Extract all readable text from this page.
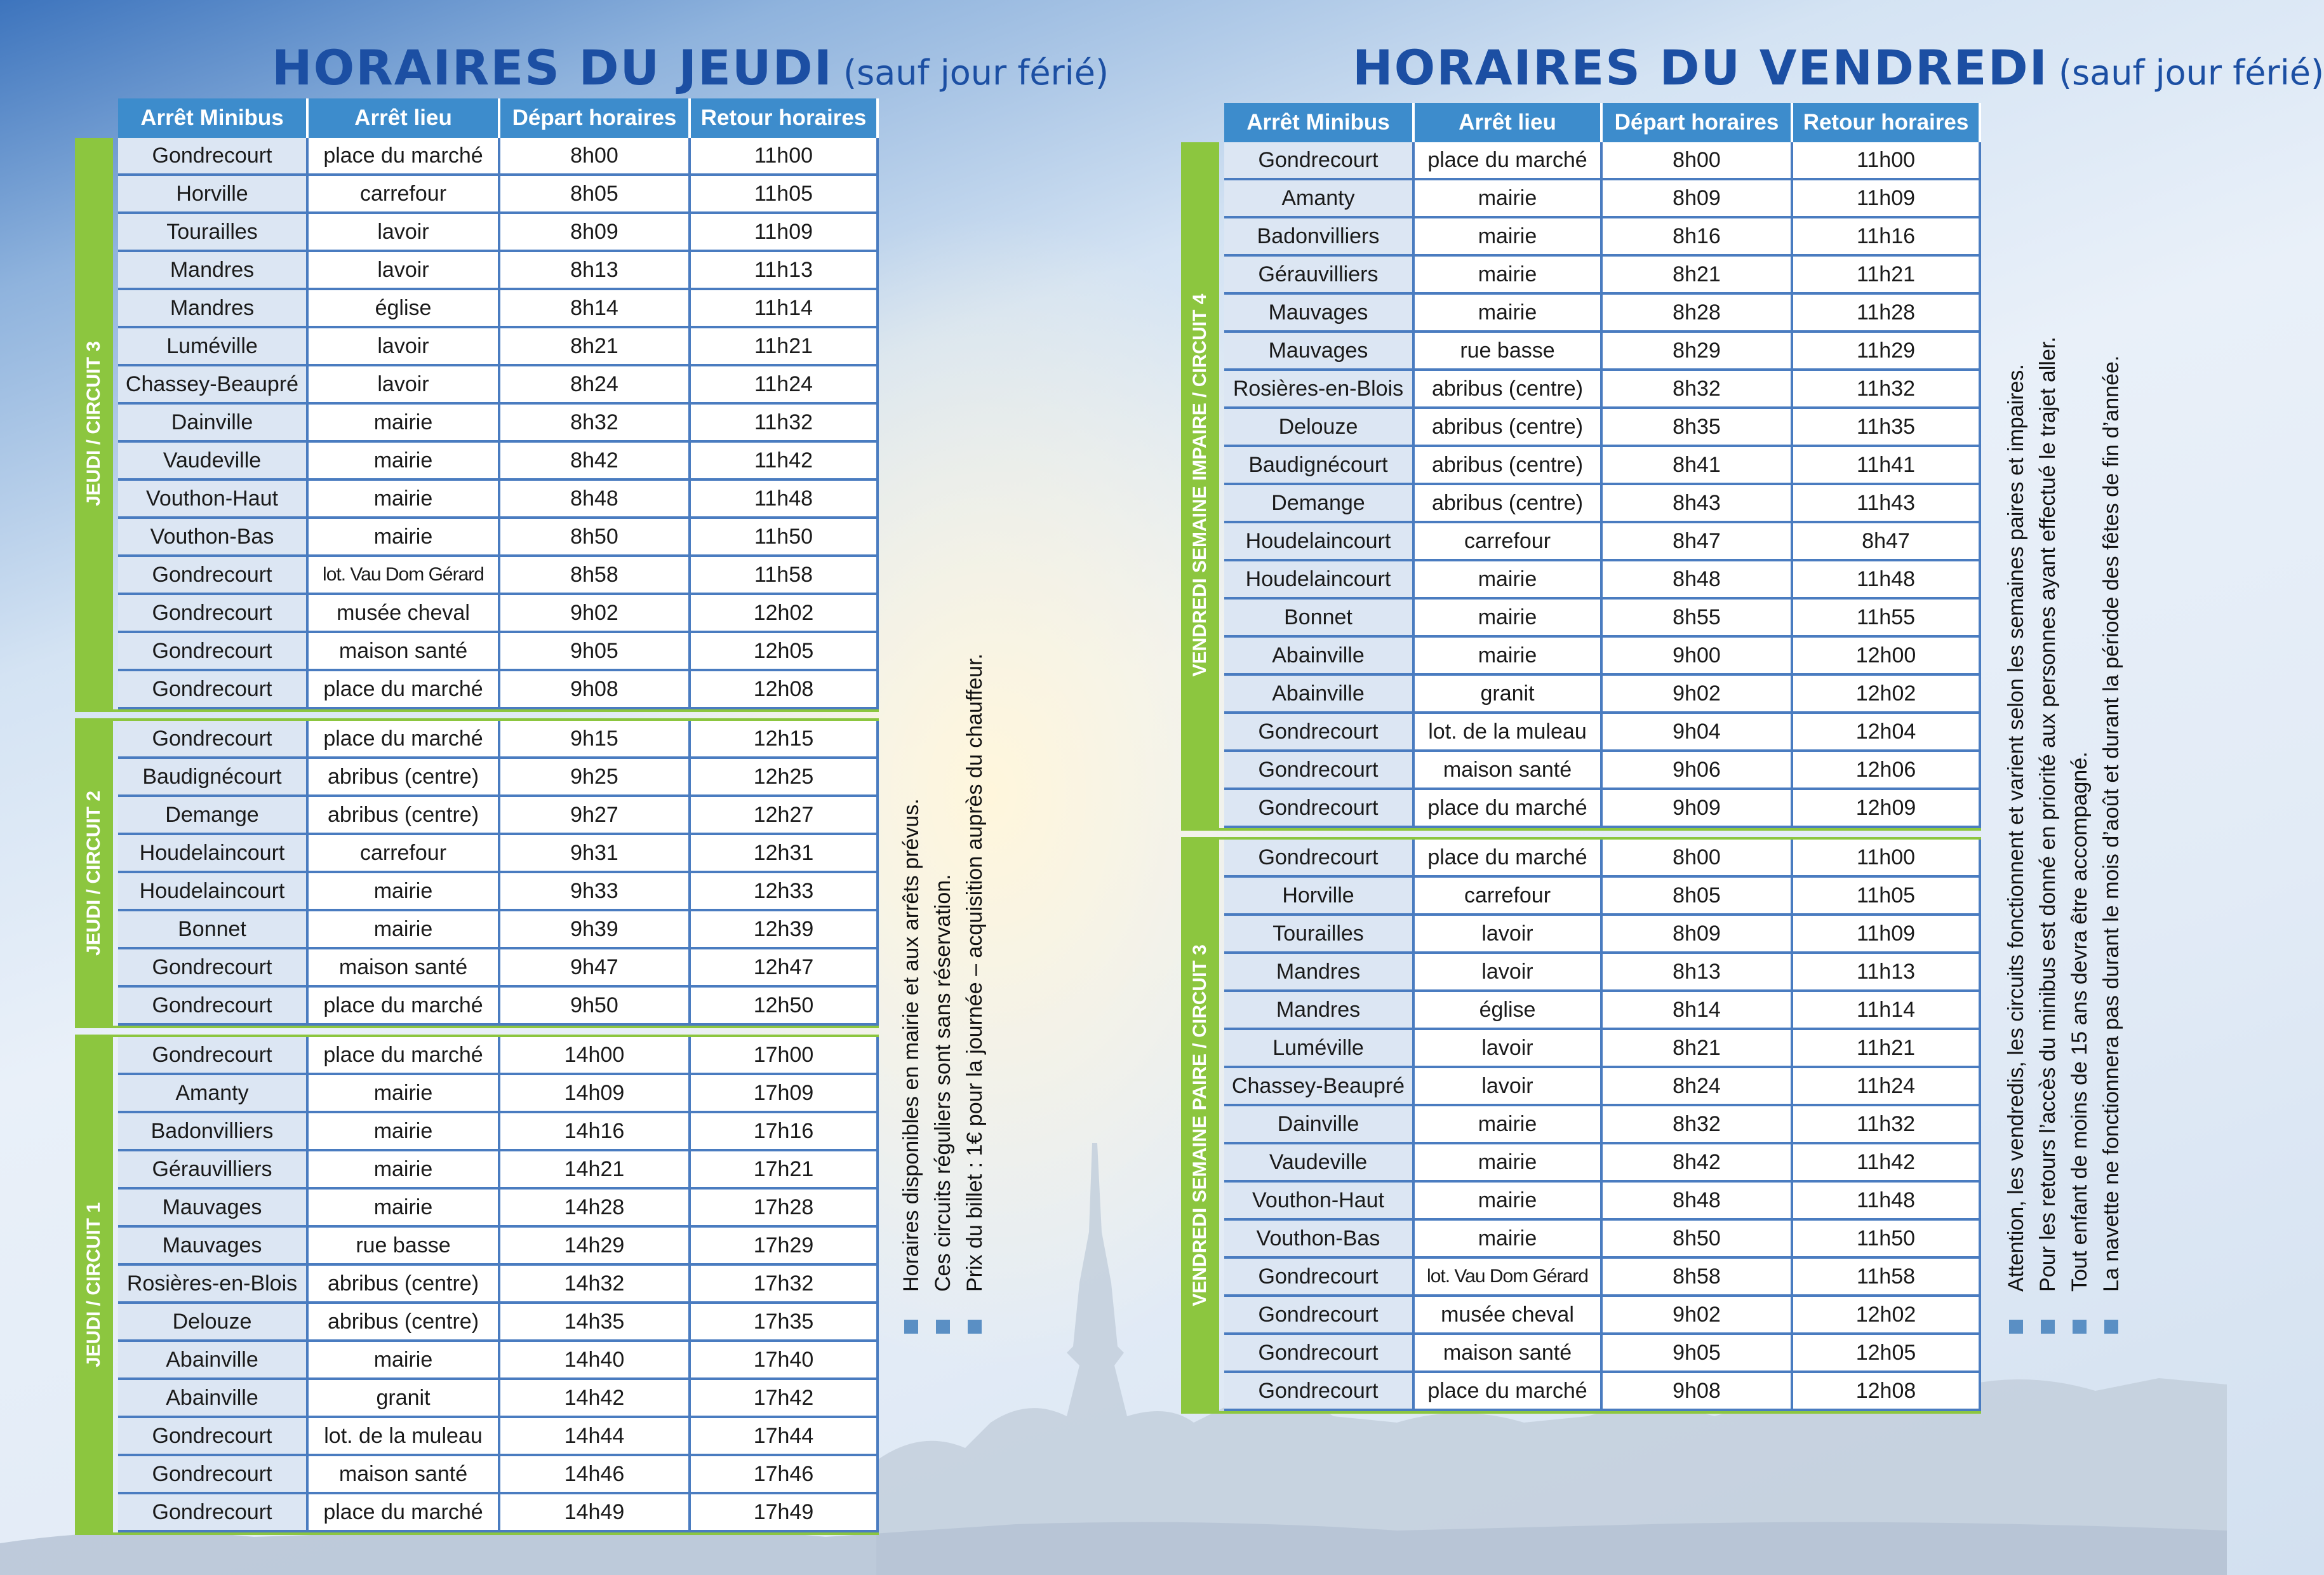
HORAIRES DU JEUDI (sauf jour férié)
Arrêt Minibus	Arrêt lieu	Départ horaires	Retour horaires
JEUDI / CIRCUIT 3
Gondrecourt	place du marché	8h00	11h00
Horville	carrefour	8h05	11h05
Tourailles	lavoir	8h09	11h09
Mandres	lavoir	8h13	11h13
Mandres	église	8h14	11h14
Luméville	lavoir	8h21	11h21
Chassey-Beaupré	lavoir	8h24	11h24
Dainville	mairie	8h32	11h32
Vaudeville	mairie	8h42	11h42
Vouthon-Haut	mairie	8h48	11h48
Vouthon-Bas	mairie	8h50	11h50
Gondrecourt	lot. Vau Dom Gérard	8h58	11h58
Gondrecourt	musée cheval	9h02	12h02
Gondrecourt	maison santé	9h05	12h05
Gondrecourt	place du marché	9h08	12h08
JEUDI / CIRCUIT 2
Gondrecourt	place du marché	9h15	12h15
Baudignécourt	abribus (centre)	9h25	12h25
Demange	abribus (centre)	9h27	12h27
Houdelaincourt	carrefour	9h31	12h31
Houdelaincourt	mairie	9h33	12h33
Bonnet	mairie	9h39	12h39
Gondrecourt	maison santé	9h47	12h47
Gondrecourt	place du marché	9h50	12h50
JEUDI / CIRCUIT 1
Gondrecourt	place du marché	14h00	17h00
Amanty	mairie	14h09	17h09
Badonvilliers	mairie	14h16	17h16
Gérauvilliers	mairie	14h21	17h21
Mauvages	mairie	14h28	17h28
Mauvages	rue basse	14h29	17h29
Rosières-en-Blois	abribus (centre)	14h32	17h32
Delouze	abribus (centre)	14h35	17h35
Abainville	mairie	14h40	17h40
Abainville	granit	14h42	17h42
Gondrecourt	lot. de la muleau	14h44	17h44
Gondrecourt	maison santé	14h46	17h46
Gondrecourt	place du marché	14h49	17h49
HORAIRES DU VENDREDI (sauf jour férié)
Arrêt Minibus	Arrêt lieu	Départ horaires	Retour horaires
VENDREDI SEMAINE IMPAIRE / CIRCUIT 4
Gondrecourt	place du marché	8h00	11h00
Amanty	mairie	8h09	11h09
Badonvilliers	mairie	8h16	11h16
Gérauvilliers	mairie	8h21	11h21
Mauvages	mairie	8h28	11h28
Mauvages	rue basse	8h29	11h29
Rosières-en-Blois	abribus (centre)	8h32	11h32
Delouze	abribus (centre)	8h35	11h35
Baudignécourt	abribus (centre)	8h41	11h41
Demange	abribus (centre)	8h43	11h43
Houdelaincourt	carrefour	8h47	8h47
Houdelaincourt	mairie	8h48	11h48
Bonnet	mairie	8h55	11h55
Abainville	mairie	9h00	12h00
Abainville	granit	9h02	12h02
Gondrecourt	lot. de la muleau	9h04	12h04
Gondrecourt	maison santé	9h06	12h06
Gondrecourt	place du marché	9h09	12h09
VENDREDI SEMAINE PAIRE / CIRCUIT 3
Gondrecourt	place du marché	8h00	11h00
Horville	carrefour	8h05	11h05
Tourailles	lavoir	8h09	11h09
Mandres	lavoir	8h13	11h13
Mandres	église	8h14	11h14
Luméville	lavoir	8h21	11h21
Chassey-Beaupré	lavoir	8h24	11h24
Dainville	mairie	8h32	11h32
Vaudeville	mairie	8h42	11h42
Vouthon-Haut	mairie	8h48	11h48
Vouthon-Bas	mairie	8h50	11h50
Gondrecourt	lot. Vau Dom Gérard	8h58	11h58
Gondrecourt	musée cheval	9h02	12h02
Gondrecourt	maison santé	9h05	12h05
Gondrecourt	place du marché	9h08	12h08
Horaires disponibles en mairie et aux arrêts prévus. Ces circuits réguliers sont sans réservation. Prix du billet : 1€ pour la journée – acquisition auprès du chauffeur.	Attention, les vendredis, les circuits fonctionnent et varient selon les semaines paires et impaires. Pour les retours l’accès du minibus est donné en priorité aux personnes ayant effectué le trajet aller. Tout enfant de moins de 15 ans devra être accompagné. La navette ne fonctionnera pas durant le mois d’août et durant la période des fêtes de fin d’année.
